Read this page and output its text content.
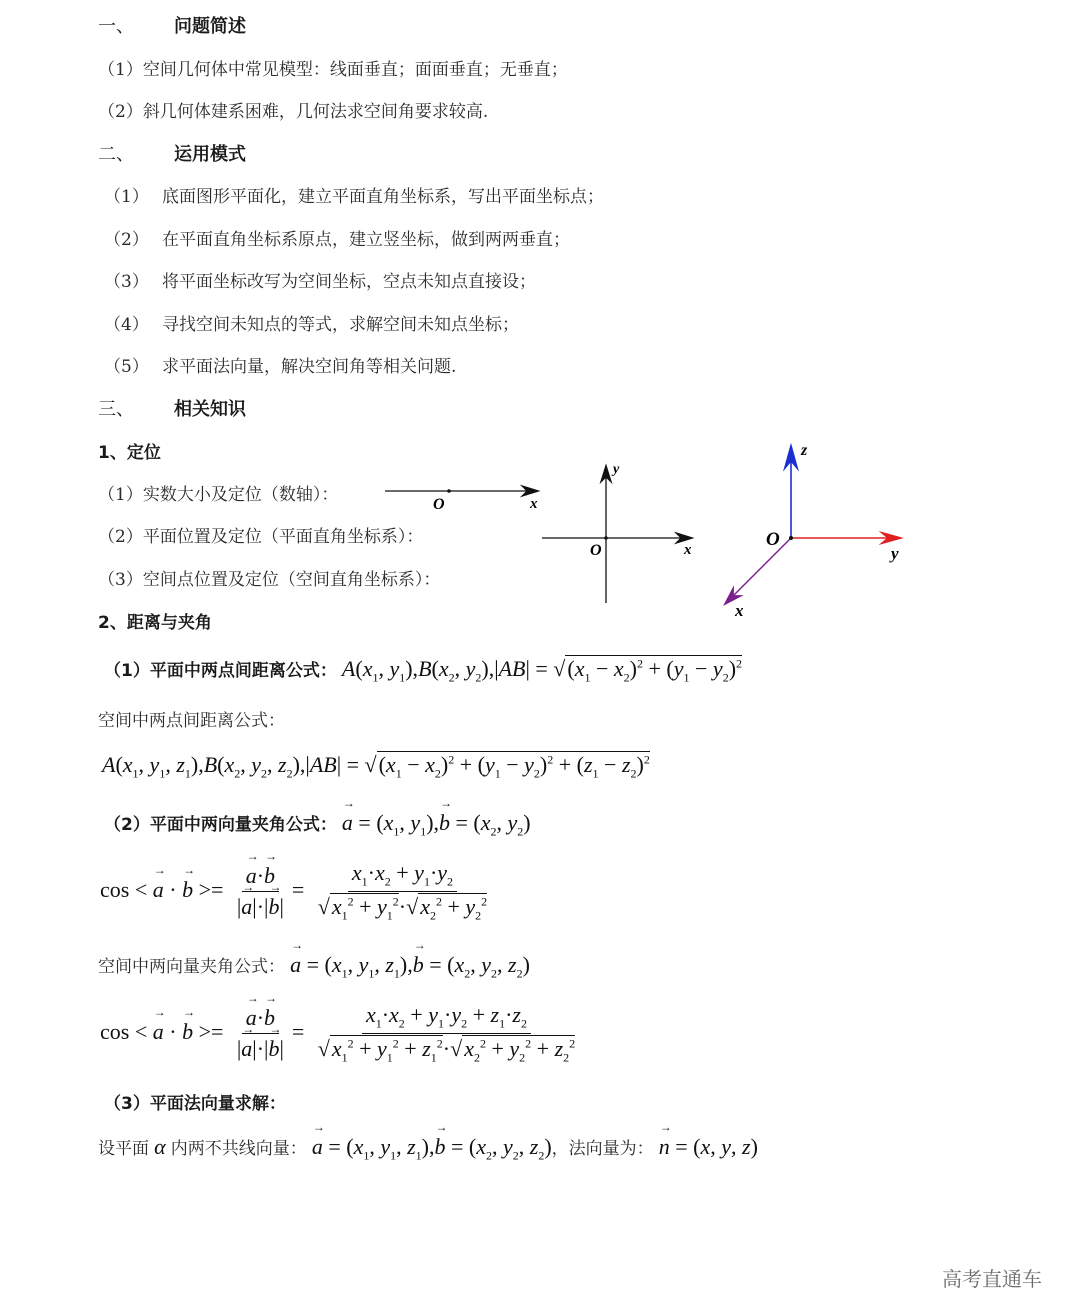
一、 问题简述
（1）空间几何体中常见模型：线面垂直；面面垂直；无垂直；
（2）斜几何体建系困难，几何法求空间角要求较高.
二、 运用模式
（1） 底面图形平面化，建立平面直角坐标系，写出平面坐标点；
（2） 在平面直角坐标系原点，建立竖坐标，做到两两垂直；
（3） 将平面坐标改写为空间坐标，空点未知点直接设；
（4） 寻找空间未知点的等式，求解空间未知点坐标；
（5） 求平面法向量，解决空间角等相关问题.
三、 相关知识
1、定位
（1）实数大小及定位（数轴）：
（2）平面位置及定位（平面直角坐标系）：
（3）空间点位置及定位（空间直角坐标系）：
O	x
O	x
y
O
z
y
x
2、距离与夹角
（1）平面中两点间距离公式： $A(x_1$, $y_1),B(x_2$, $y_2),|AB| = √(x_1 - x_2)^2 + (y_1 - y_2)^2$
空间中两点间距离公式：
$A(x_1$, $y_1$, $z_1),B(x_2$, $y_2$, $z_2),|AB| = √(x_1 - x_2)^2 + (y_1 - y_2)^2 + (z_1 - z_2)^2$
（2）平面中两向量夹角公式： → $a = (x_1$, $y_1),\to b = (x_2$, $y_2$)
cos < → a · → b >= → $\frac{a\cdot\to b}{|\to a|\cdot|\to b|} = \frac{x_1\cdot x_2 + y_1\cdot y_2}{√x_1^2 + y_1^2\cdot√x_2^2 + y_2^2}$
空间中两向量夹角公式： → $a = (x_1$, $y_1$, $z_1),\to b = (x_2$, $y_2$, $z_2$)
cos < → a · → b >= → $\frac{a\cdot\to b}{|\to a|\cdot|\to b|} = \frac{x_1\cdot x_2 + y_1\cdot y_2 + z_1\cdot z_2}{√x_1^2 + y_1^2 + z_1^2\cdot√x_2^2 + y_2^2 + z_2^2}$
（3）平面法向量求解：
设平面 α 内两不共线向量： → $a = (x_1$, $y_1$, $z_1),\to b = (x_2$, $y_2$, $z_2$)，法向量为： → n = (x, y, z)
高考直通车
